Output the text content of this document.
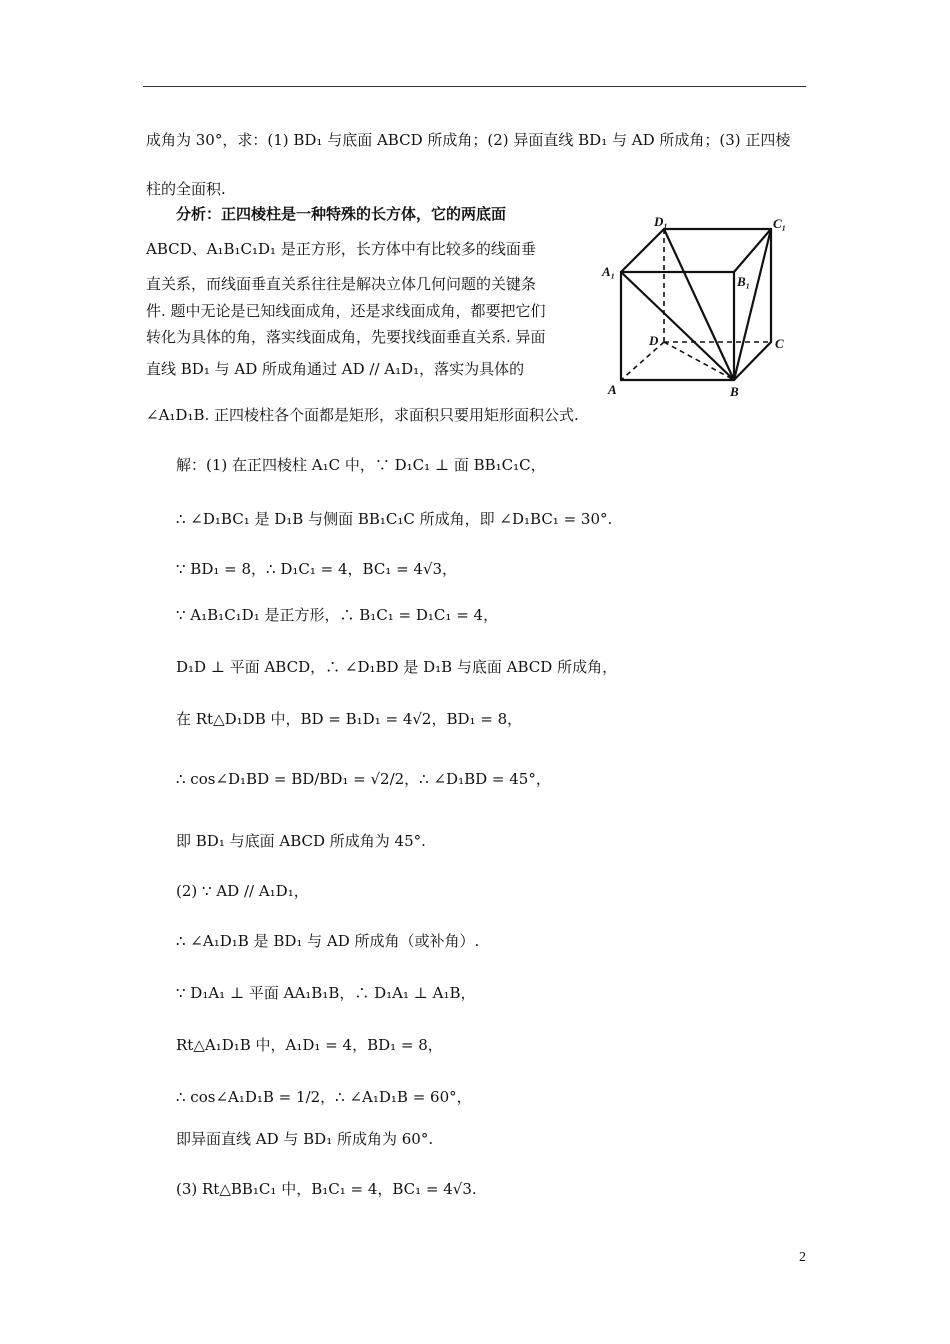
成角为 30°，求：(1) BD₁ 与底面 ABCD 所成角；(2) 异面直线 BD₁ 与 AD 所成角；(3) 正四棱
柱的全面积.
分析：正四棱柱是一种特殊的长方体，它的两底面
ABCD、A₁B₁C₁D₁ 是正方形，长方体中有比较多的线面垂
直关系，而线面垂直关系往往是解决立体几何问题的关键条
件. 题中无论是已知线面成角，还是求线面成角，都要把它们
转化为具体的角，落实线面成角，先要找线面垂直关系. 异面
直线 BD₁ 与 AD 所成角通过 AD // A₁D₁，落实为具体的
∠A₁D₁B. 正四棱柱各个面都是矩形，求面积只要用矩形面积公式.
解：(1) 在正四棱柱 A₁C 中，∵ D₁C₁ ⊥ 面 BB₁C₁C，
∴ ∠D₁BC₁ 是 D₁B 与侧面 BB₁C₁C 所成角，即 ∠D₁BC₁ = 30°.
∵ BD₁ = 8，∴ D₁C₁ = 4，BC₁ = 4√3，
∵ A₁B₁C₁D₁ 是正方形，∴ B₁C₁ = D₁C₁ = 4，
D₁D ⊥ 平面 ABCD，∴ ∠D₁BD 是 D₁B 与底面 ABCD 所成角，
在 Rt△D₁DB 中，BD = B₁D₁ = 4√2，BD₁ = 8，
∴ cos∠D₁BD = BD/BD₁ = √2/2，∴ ∠D₁BD = 45°，
即 BD₁ 与底面 ABCD 所成角为 45°.
(2) ∵ AD // A₁D₁，
∴ ∠A₁D₁B 是 BD₁ 与 AD 所成角（或补角）.
∵ D₁A₁ ⊥ 平面 AA₁B₁B，∴ D₁A₁ ⊥ A₁B，
Rt△A₁D₁B 中，A₁D₁ = 4，BD₁ = 8，
∴ cos∠A₁D₁B = 1/2，∴ ∠A₁D₁B = 60°，
即异面直线 AD 与 BD₁ 所成角为 60°.
(3) Rt△BB₁C₁ 中，B₁C₁ = 4，BC₁ = 4√3.
D₁	C₁
A₁
B₁
D	C
A	B
2
